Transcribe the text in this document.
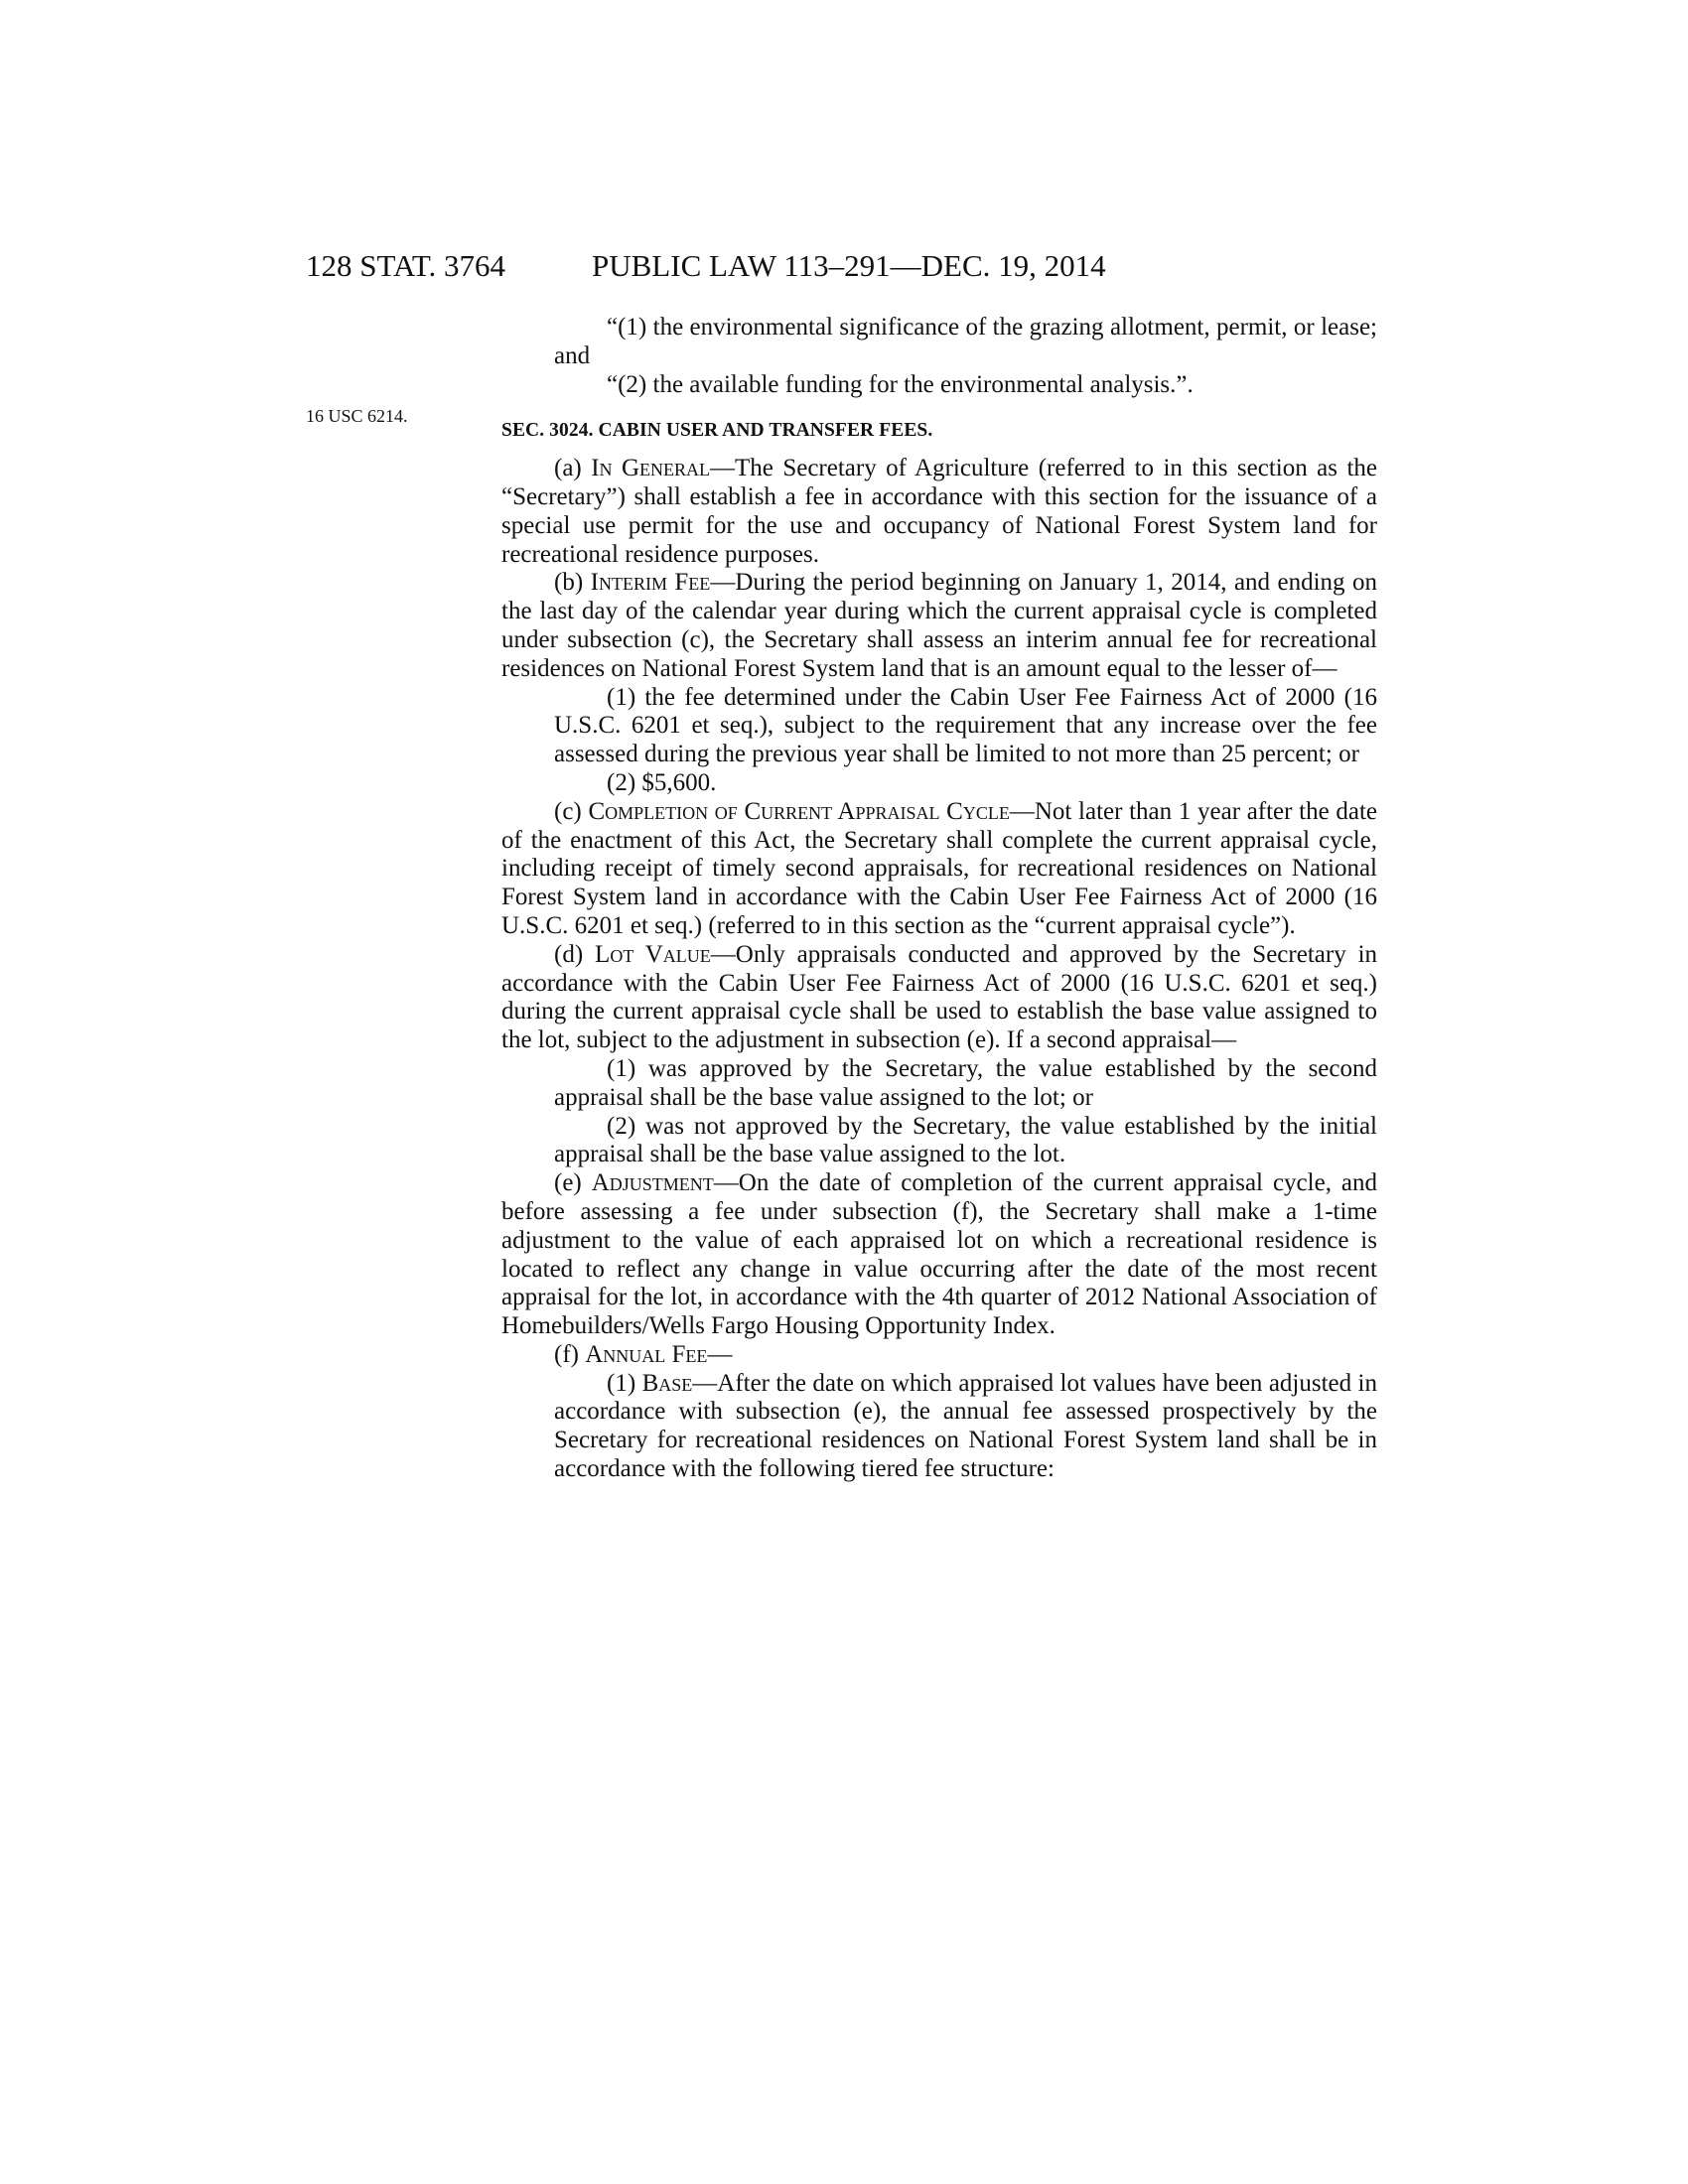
128 STAT. 3764	PUBLIC LAW 113–291—DEC. 19, 2014
16 USC 6214.

“(1) the environmental significance of the grazing allotment, permit, or lease; and

“(2) the available funding for the environmental analysis.”.

SEC. 3024. CABIN USER AND TRANSFER FEES.

(a) In General—The Secretary of Agriculture (referred to in this section as the “Secretary”) shall establish a fee in accordance with this section for the issuance of a special use permit for the use and occupancy of National Forest System land for recreational residence purposes.

(b) Interim Fee—During the period beginning on January 1, 2014, and ending on the last day of the calendar year during which the current appraisal cycle is completed under subsection (c), the Secretary shall assess an interim annual fee for recreational residences on National Forest System land that is an amount equal to the lesser of—

(1) the fee determined under the Cabin User Fee Fairness Act of 2000 (16 U.S.C. 6201 et seq.), subject to the requirement that any increase over the fee assessed during the previous year shall be limited to not more than 25 percent; or

(2) $5,600.

(c) Completion of Current Appraisal Cycle—Not later than 1 year after the date of the enactment of this Act, the Secretary shall complete the current appraisal cycle, including receipt of timely second appraisals, for recreational residences on National Forest System land in accordance with the Cabin User Fee Fairness Act of 2000 (16 U.S.C. 6201 et seq.) (referred to in this section as the “current appraisal cycle”).

(d) Lot Value—Only appraisals conducted and approved by the Secretary in accordance with the Cabin User Fee Fairness Act of 2000 (16 U.S.C. 6201 et seq.) during the current appraisal cycle shall be used to establish the base value assigned to the lot, subject to the adjustment in subsection (e). If a second appraisal—

(1) was approved by the Secretary, the value established by the second appraisal shall be the base value assigned to the lot; or

(2) was not approved by the Secretary, the value established by the initial appraisal shall be the base value assigned to the lot.

(e) Adjustment—On the date of completion of the current appraisal cycle, and before assessing a fee under subsection (f), the Secretary shall make a 1-time adjustment to the value of each appraised lot on which a recreational residence is located to reflect any change in value occurring after the date of the most recent appraisal for the lot, in accordance with the 4th quarter of 2012 National Association of Homebuilders/Wells Fargo Housing Opportunity Index.

(f) Annual Fee—

(1) Base—After the date on which appraised lot values have been adjusted in accordance with subsection (e), the annual fee assessed prospectively by the Secretary for recreational residences on National Forest System land shall be in accordance with the following tiered fee structure:
